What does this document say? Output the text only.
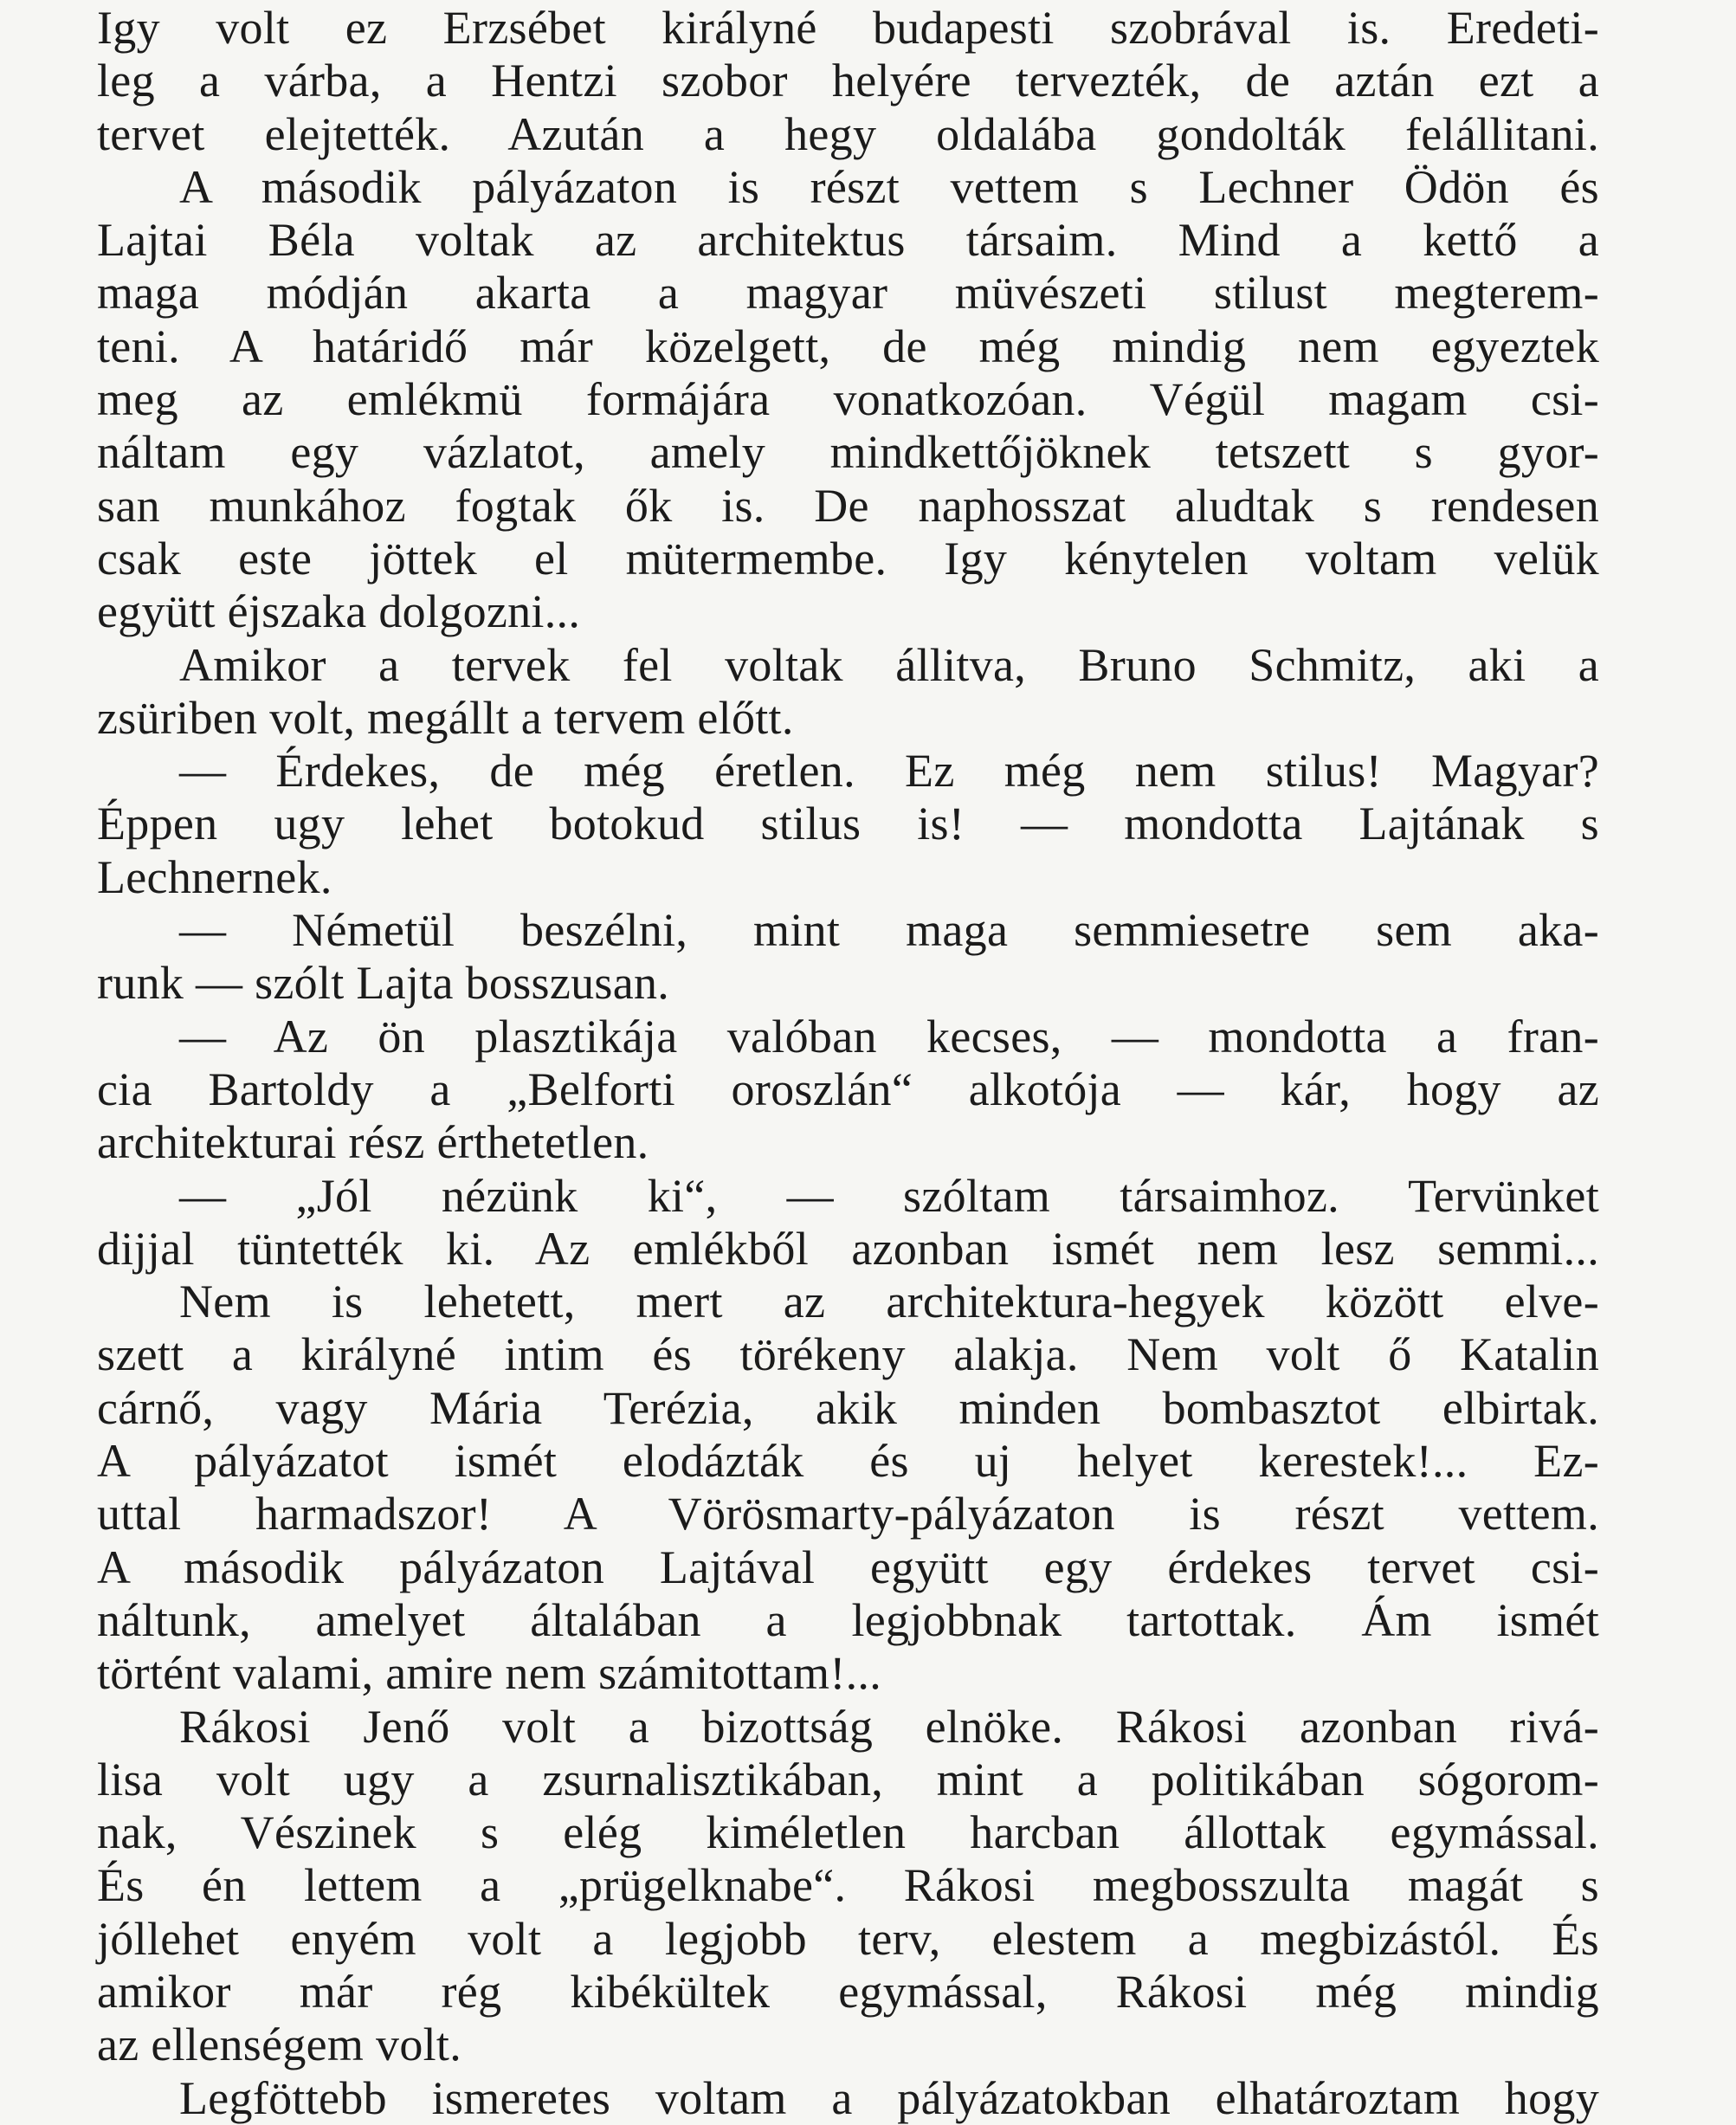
Igy volt ez Erzsébet királyné budapesti szobrával is. Eredeti-
leg a várba, a Hentzi szobor helyére tervezték, de aztán ezt a
tervet elejtették. Azután a hegy oldalába gondolták felállitani.
A második pályázaton is részt vettem s Lechner Ödön és
Lajtai Béla voltak az architektus társaim. Mind a kettő a
maga módján akarta a magyar müvészeti stilust megterem-
teni. A határidő már közelgett, de még mindig nem egyeztek
meg az emlékmü formájára vonatkozóan. Végül magam csi-
náltam egy vázlatot, amely mindkettőjöknek tetszett s gyor-
san munkához fogtak ők is. De naphosszat aludtak s rendesen
csak este jöttek el mütermembe. Igy kénytelen voltam velük
együtt éjszaka dolgozni...
Amikor a tervek fel voltak állitva, Bruno Schmitz, aki a
zsüriben volt, megállt a tervem előtt.
— Érdekes, de még éretlen. Ez még nem stilus! Magyar?
Éppen ugy lehet botokud stilus is! — mondotta Lajtának s
Lechnernek.
— Németül beszélni, mint maga semmiesetre sem aka-
runk — szólt Lajta bosszusan.
— Az ön plasztikája valóban kecses, — mondotta a fran-
cia Bartoldy a „Belforti oroszlán“ alkotója — kár, hogy az
architekturai rész érthetetlen.
— „Jól nézünk ki“, — szóltam társaimhoz. Tervünket
dijjal tüntették ki. Az emlékből azonban ismét nem lesz semmi...
Nem is lehetett, mert az architektura-hegyek között elve-
szett a királyné intim és törékeny alakja. Nem volt ő Katalin
cárnő, vagy Mária Terézia, akik minden bombasztot elbirtak.
A pályázatot ismét elodázták és uj helyet kerestek!... Ez-
uttal harmadszor! A Vörösmarty-pályázaton is részt vettem.
A második pályázaton Lajtával együtt egy érdekes tervet csi-
náltunk, amelyet általában a legjobbnak tartottak. Ám ismét
történt valami, amire nem számitottam!...
Rákosi Jenő volt a bizottság elnöke. Rákosi azonban rivá-
lisa volt ugy a zsurnalisztikában, mint a politikában sógorom-
nak, Vészinek s elég kiméletlen harcban állottak egymással.
És én lettem a „prügelknabe“. Rákosi megbosszulta magát s
jóllehet enyém volt a legjobb terv, elestem a megbizástól. És
amikor már rég kibékültek egymással, Rákosi még mindig
az ellenségem volt.
Legföttebb ismeretes voltam a pályázatokban elhatároztam hogy
